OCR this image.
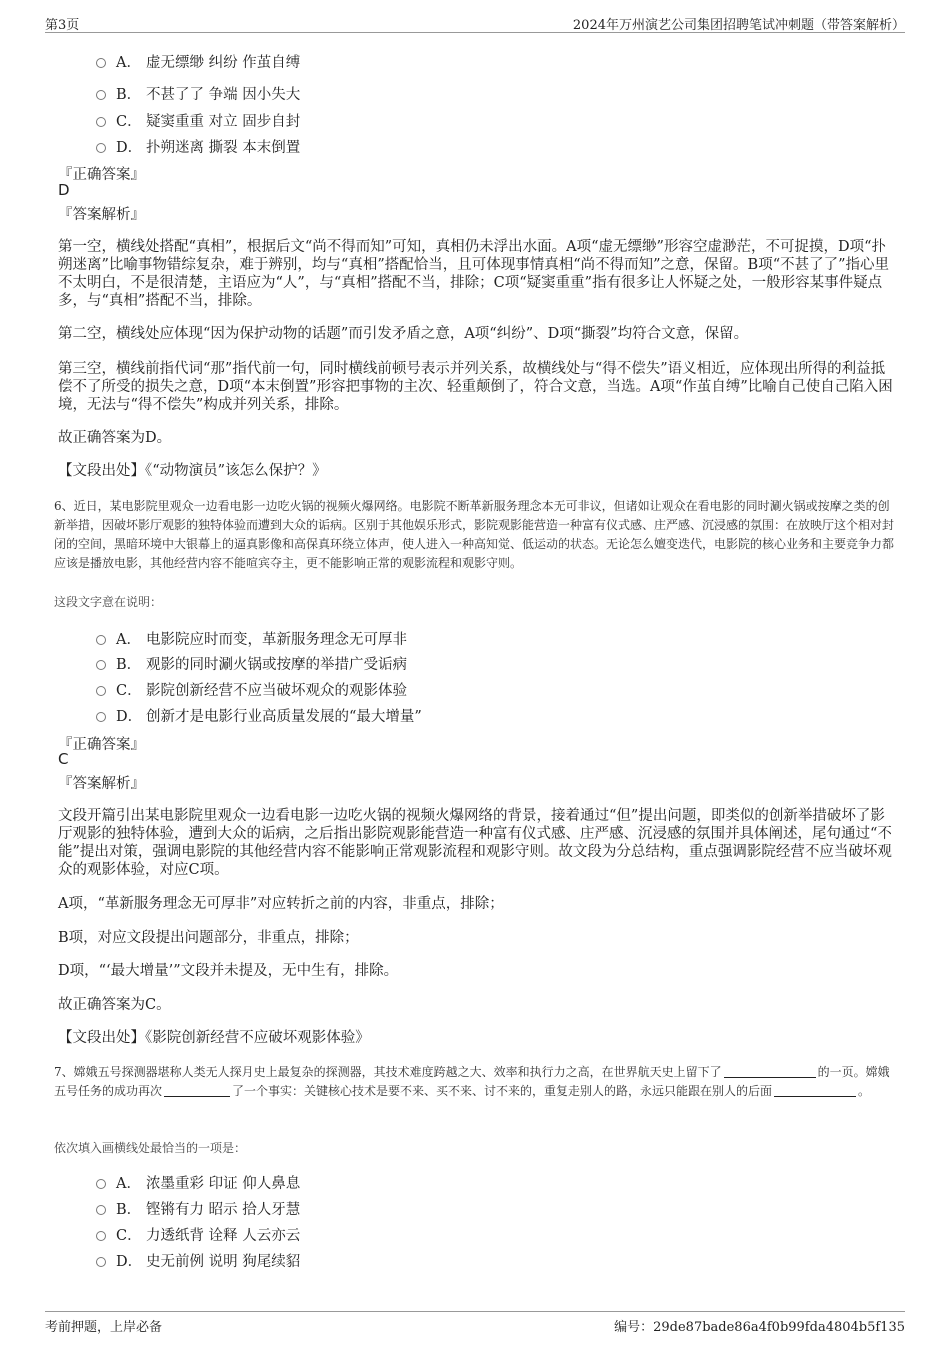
第3页	2024年万州演艺公司集团招聘笔试冲刺题（带答案解析）
A． 虚无缥缈 纠纷 作茧自缚
B． 不甚了了 争端 因小失大
C． 疑窦重重 对立 固步自封
D． 扑朔迷离 撕裂 本末倒置
『正确答案』
D
『答案解析』
第一空，横线处搭配“真相”，根据后文“尚不得而知”可知，真相仍未浮出水面。A项“虚无缥缈”形容空虚渺茫，不可捉摸，D项“扑朔迷离”比喻事物错综复杂，难于辨别，均与“真相”搭配恰当，且可体现事情真相“尚不得而知”之意，保留。B项“不甚了了”指心里不太明白，不是很清楚，主语应为“人”，与“真相”搭配不当，排除；C项“疑窦重重”指有很多让人怀疑之处，一般形容某事件疑点多，与“真相”搭配不当，排除。
第二空，横线处应体现“因为保护动物的话题”而引发矛盾之意，A项“纠纷”、D项“撕裂”均符合文意，保留。
第三空，横线前指代词“那”指代前一句，同时横线前顿号表示并列关系，故横线处与“得不偿失”语义相近，应体现出所得的利益抵偿不了所受的损失之意，D项“本末倒置”形容把事物的主次、轻重颠倒了，符合文意，当选。A项“作茧自缚”比喻自己使自己陷入困境，无法与“得不偿失”构成并列关系，排除。
故正确答案为D。
【文段出处】《“动物演员”该怎么保护？》
6、近日，某电影院里观众一边看电影一边吃火锅的视频火爆网络。电影院不断革新服务理念本无可非议，但诸如让观众在看电影的同时涮火锅或按摩之类的创新举措，因破坏影厅观影的独特体验而遭到大众的诟病。区别于其他娱乐形式，影院观影能营造一种富有仪式感、庄严感、沉浸感的氛围：在放映厅这个相对封闭的空间，黑暗环境中大银幕上的逼真影像和高保真环绕立体声，使人进入一种高知觉、低运动的状态。无论怎么嬗变迭代，电影院的核心业务和主要竞争力都应该是播放电影，其他经营内容不能喧宾夺主，更不能影响正常的观影流程和观影守则。
这段文字意在说明：
A． 电影院应时而变，革新服务理念无可厚非
B． 观影的同时涮火锅或按摩的举措广受诟病
C． 影院创新经营不应当破坏观众的观影体验
D． 创新才是电影行业高质量发展的“最大增量”
『正确答案』
C
『答案解析』
文段开篇引出某电影院里观众一边看电影一边吃火锅的视频火爆网络的背景，接着通过“但”提出问题，即类似的创新举措破坏了影厅观影的独特体验，遭到大众的诟病，之后指出影院观影能营造一种富有仪式感、庄严感、沉浸感的氛围并具体阐述，尾句通过“不能”提出对策，强调电影院的其他经营内容不能影响正常观影流程和观影守则。故文段为分总结构，重点强调影院经营不应当破坏观众的观影体验，对应C项。
A项，“革新服务理念无可厚非”对应转折之前的内容，非重点，排除；
B项，对应文段提出问题部分，非重点，排除；
D项，“‘最大增量’”文段并未提及，无中生有，排除。
故正确答案为C。
【文段出处】《影院创新经营不应破坏观影体验》
7、嫦娥五号探测器堪称人类无人探月史上最复杂的探测器，其技术难度跨越之大、效率和执行力之高，在世界航天史上留下了	的一页。嫦娥五号任务的成功再次	了一个事实：关键核心技术是要不来、买不来、讨不来的，重复走别人的路，永远只能跟在别人的后面	。
依次填入画横线处最恰当的一项是：
A． 浓墨重彩 印证 仰人鼻息
B． 铿锵有力 昭示 拾人牙慧
C． 力透纸背 诠释 人云亦云
D． 史无前例 说明 狗尾续貂
考前押题，上岸必备	编号：29de87bade86a4f0b99fda4804b5f135
